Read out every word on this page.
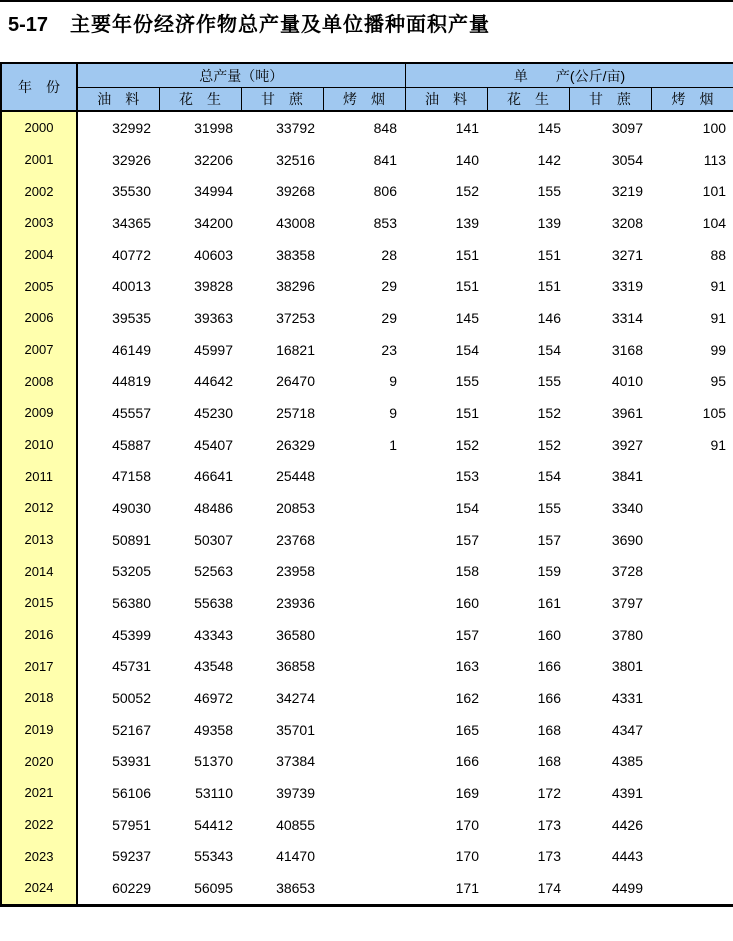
5-17 主要年份经济作物总产量及单位播种面积产量
年　份	总产量（吨）				单　　产(公斤/亩)			
	油　料	花　生	甘　蔗	烤　烟	油　料	花　生	甘　蔗	烤　烟
2000	32992	31998	33792	848	141	145	3097	100
2001	32926	32206	32516	841	140	142	3054	113
2002	35530	34994	39268	806	152	155	3219	101
2003	34365	34200	43008	853	139	139	3208	104
2004	40772	40603	38358	28	151	151	3271	88
2005	40013	39828	38296	29	151	151	3319	91
2006	39535	39363	37253	29	145	146	3314	91
2007	46149	45997	16821	23	154	154	3168	99
2008	44819	44642	26470	9	155	155	4010	95
2009	45557	45230	25718	9	151	152	3961	105
2010	45887	45407	26329	1	152	152	3927	91
2011	47158	46641	25448		153	154	3841	
2012	49030	48486	20853		154	155	3340	
2013	50891	50307	23768		157	157	3690	
2014	53205	52563	23958		158	159	3728	
2015	56380	55638	23936		160	161	3797	
2016	45399	43343	36580		157	160	3780	
2017	45731	43548	36858		163	166	3801	
2018	50052	46972	34274		162	166	4331	
2019	52167	49358	35701		165	168	4347	
2020	53931	51370	37384		166	168	4385	
2021	56106	53110	39739		169	172	4391	
2022	57951	54412	40855		170	173	4426	
2023	59237	55343	41470		170	173	4443	
2024	60229	56095	38653		171	174	4499	
